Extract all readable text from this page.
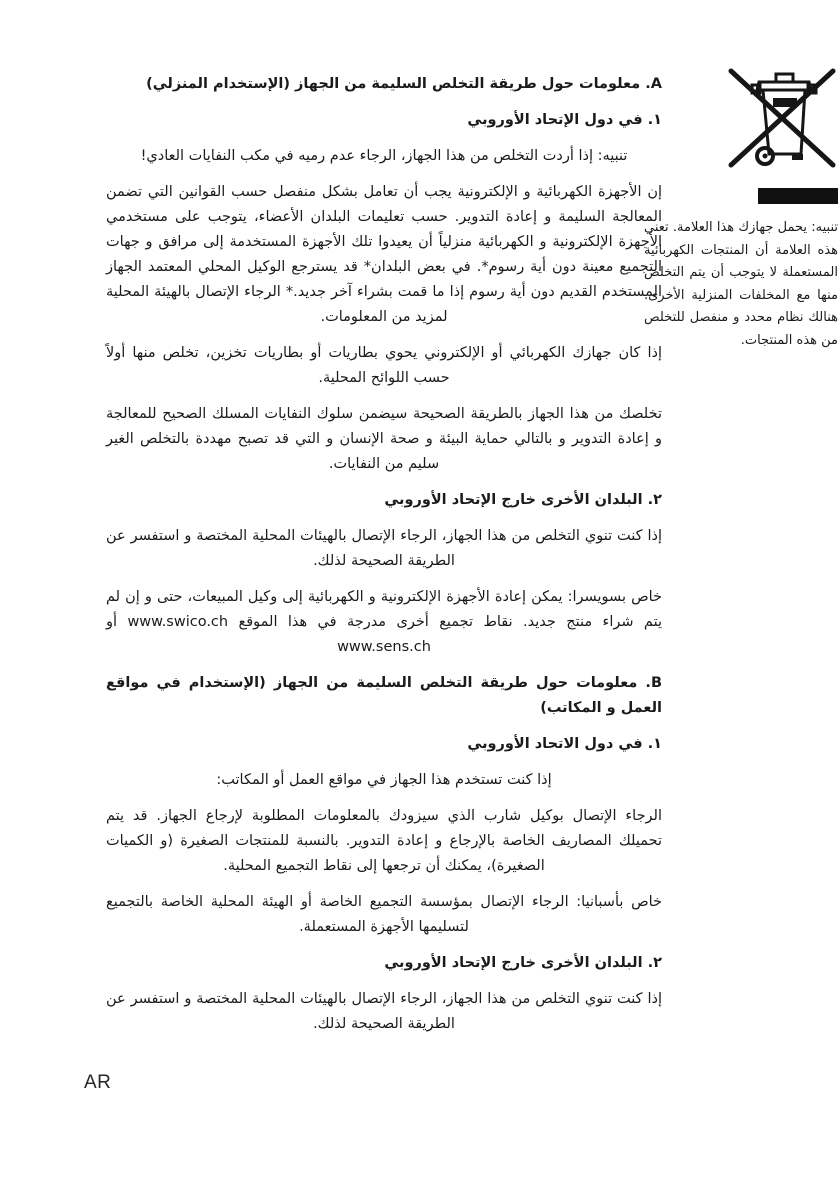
A. معلومات حول طريقة التخلص السليمة من الجهاز (الإستخدام المنزلي)
١. في دول الإتحاد الأوروبي
تنبيه: إذا أردت التخلص من هذا الجهاز، الرجاء عدم رميه في مكب النفايات العادي!
إن الأجهزة الكهربائية و الإلكترونية يجب أن تعامل بشكل منفصل حسب القوانين التي تضمن المعالجة السليمة و إعادة التدوير. حسب تعليمات البلدان الأعضاء، يتوجب على مستخدمي الأجهزة الإلكترونية و الكهربائية منزلياً أن يعيدوا تلك الأجهزة المستخدمة إلى مرافق و جهات التجميع معينة دون أية رسوم*. في بعض البلدان* قد يسترجع الوكيل المحلي المعتمد الجهاز المستخدم القديم دون أية رسوم إذا ما قمت بشراء آخر جديد.* الرجاء الإتصال بالهيئة المحلية لمزيد من المعلومات.
إذا كان جهازك الكهربائي أو الإلكتروني يحوي بطاريات أو بطاريات تخزين، تخلص منها أولاً حسب اللوائح المحلية.
تخلصك من هذا الجهاز بالطريقة الصحيحة سيضمن سلوك النفايات المسلك الصحيح للمعالجة و إعادة التدوير و بالتالي حماية البيئة و صحة الإنسان و التي قد تصبح مهددة بالتخلص الغير سليم من النفايات.
٢. البلدان الأخرى خارج الإتحاد الأوروبي
إذا كنت تنوي التخلص من هذا الجهاز، الرجاء الإتصال بالهيئات المحلية المختصة و استفسر عن الطريقة الصحيحة لذلك.
خاص بسويسرا: يمكن إعادة الأجهزة الإلكترونية و الكهربائية إلى وكيل المبيعات، حتى و إن لم يتم شراء منتج جديد. نقاط تجميع أخرى مدرجة في هذا الموقع www.swico.ch أو www.sens.ch
B. معلومات حول طريقة التخلص السليمة من الجهاز (الإستخدام في مواقع العمل و المكاتب)
١. في دول الاتحاد الأوروبي
إذا كنت تستخدم هذا الجهاز في مواقع العمل أو المكاتب:
الرجاء الإتصال بوكيل شارب الذي سيزودك بالمعلومات المطلوبة لإرجاع الجهاز. قد يتم تحميلك المصاريف الخاصة بالإرجاع و إعادة التدوير. بالنسبة للمنتجات الصغيرة (و الكميات الصغيرة)، يمكنك أن ترجعها إلى نقاط التجميع المحلية.
خاص بأسبانيا: الرجاء الإتصال بمؤسسة التجميع الخاصة أو الهيئة المحلية الخاصة بالتجميع لتسليمها الأجهزة المستعملة.
٢. البلدان الأخرى خارج الإتحاد الأوروبي
إذا كنت تنوي التخلص من هذا الجهاز، الرجاء الإتصال بالهيئات المحلية المختصة و استفسر عن الطريقة الصحيحة لذلك.
تنبيه: يحمل جهازك هذا العلامة. تعني هذه العلامة أن المنتجات الكهربائية المستعملة لا يتوجب أن يتم التخلص منها مع المخلفات المنزلية الأخرى. هنالك نظام محدد و منفصل للتخلص من هذه المنتجات.
AR
